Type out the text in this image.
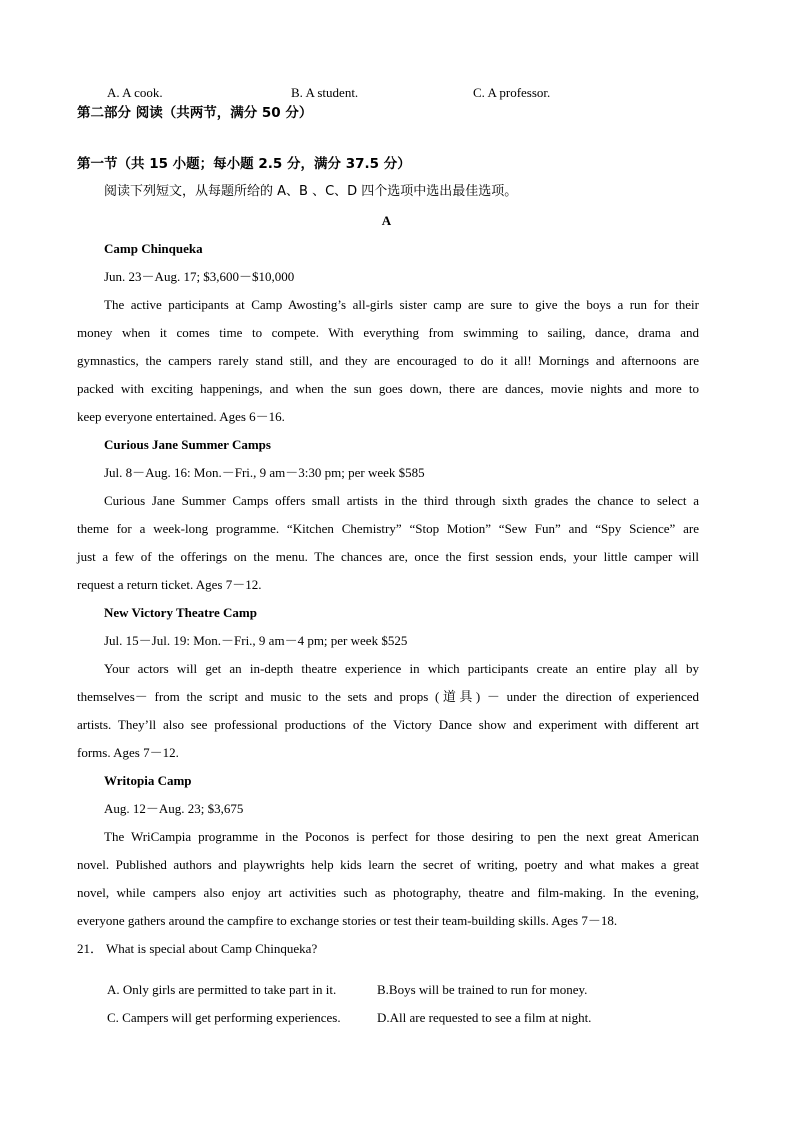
A. A cook.	B. A student.	C. A professor.
第二部分 阅读（共两节，满分 50 分）
第一节（共 15 小题；每小题 2.5 分，满分 37.5 分）
阅读下列短文，从每题所给的 A、B 、C、D 四个选项中选出最佳选项。
A
Camp Chinqueka
Jun. 23－Aug. 17; $3,600－$10,000
The active participants at Camp Awosting’s all-girls sister camp are sure to give the boys a run for their
money when it comes time to compete. With everything from swimming to sailing, dance, drama and
gymnastics, the campers rarely stand still, and they are encouraged to do it all! Mornings and afternoons are
packed with exciting happenings, and when the sun goes down, there are dances, movie nights and more to
keep everyone entertained. Ages 6－16.
Curious Jane Summer Camps
Jul. 8－Aug. 16: Mon.－Fri., 9 am－3:30 pm; per week $585
Curious Jane Summer Camps offers small artists in the third through sixth grades the chance to select a
theme for a week-long programme. “Kitchen Chemistry” “Stop Motion” “Sew Fun” and “Spy Science” are
just a few of the offerings on the menu. The chances are, once the first session ends, your little camper will
request a return ticket. Ages 7－12.
New Victory Theatre Camp
Jul. 15－Jul. 19: Mon.－Fri., 9 am－4 pm; per week $525
Your actors will get an in-depth theatre experience in which participants create an entire play all by
themselves－ from the script and music to the sets and props (道具) － under the direction of experienced
artists. They’ll also see professional productions of the Victory Dance show and experiment with different art
forms. Ages 7－12.
Writopia Camp
Aug. 12－Aug. 23; $3,675
The WriCampia programme in the Poconos is perfect for those desiring to pen the next great American
novel. Published authors and playwrights help kids learn the secret of writing, poetry and what makes a great
novel, while campers also enjoy art activities such as photography, theatre and film-making. In the evening,
everyone gathers around the campfire to exchange stories or test their team-building skills. Ages 7－18.
21． What is special about Camp Chinqueka?
A. Only girls are permitted to take part in it.	B.Boys will be trained to run for money.
C. Campers will get performing experiences.	D.All are requested to see a film at night.
